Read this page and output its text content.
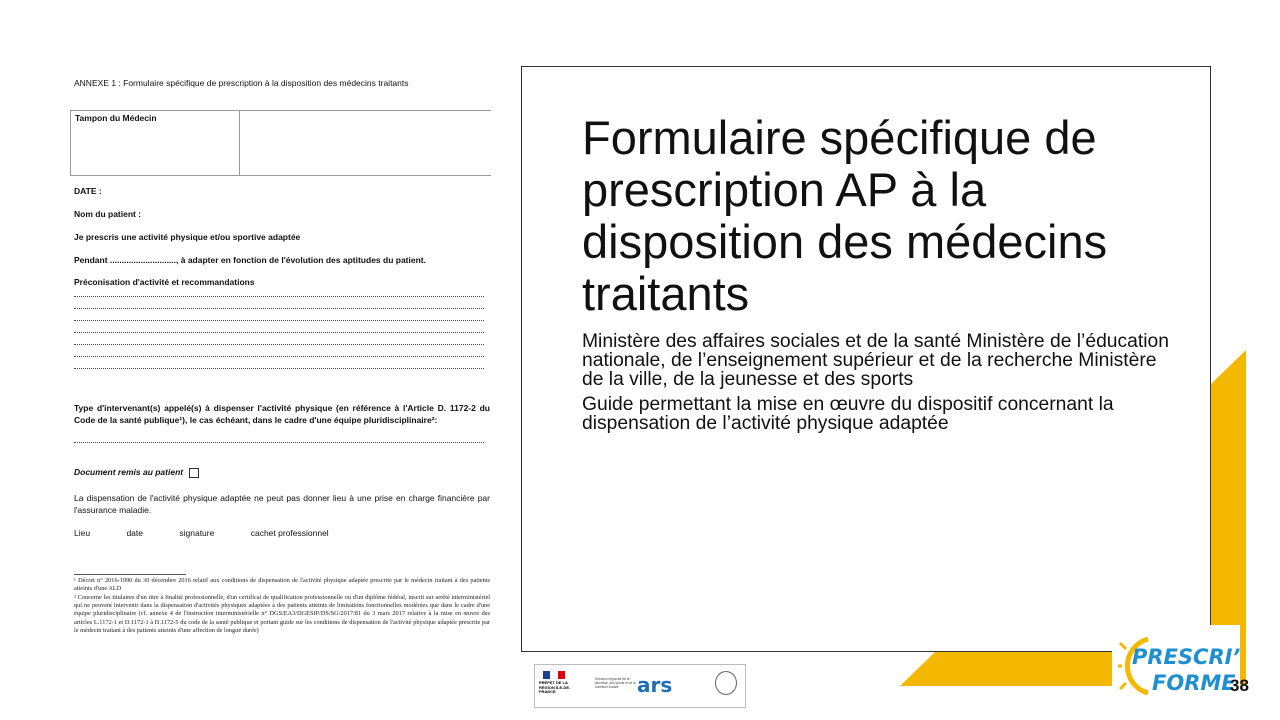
ANNEXE 1 : Formulaire spécifique de prescription à la disposition des médecins traitants
Tampon du Médecin
DATE :
Nom du patient :
Je prescris une activité physique et/ou sportive adaptée
Pendant ............................, à adapter en fonction de l'évolution des aptitudes du patient.
Préconisation d'activité et recommandations
Type d'intervenant(s) appelé(s) à dispenser l'activité physique (en référence à l'Article D. 1172-2 du Code de la santé publique¹), le cas échéant, dans le cadre d'une équipe pluridisciplinaire²:
Document remis au patient
La dispensation de l'activité physique adaptée ne peut pas donner lieu à une prise en charge financière par l'assurance maladie.
Lieu	date	signature	cachet professionnel
¹ Décret n° 2016-1990 du 30 décembre 2016 relatif aux conditions de dispensation de l'activité physique adaptée prescrite par le médecin traitant à des patients atteints d'une ALD
² Concerne les titulaires d'un titre à finalité professionnelle, d'un certificat de qualification professionnelle ou d'un diplôme fédéral, inscrit sur arrêté interministériel qui ne peuvent intervenir dans la dispensation d'activités physiques adaptées à des patients atteints de limitations fonctionnelles modérées que dans le cadre d'une équipe pluridisciplinaire (cf. annexe 4 de l'instruction interministérielle n° DGS/EA3/DGESIP/DS/SG/2017/81 du 3 mars 2017 relative à la mise en œuvre des articles L.1172-1 et D.1172-1 à D.1172-5 du code de la santé publique et portant guide sur les conditions de dispensation de l'activité physique adaptée prescrite par le médecin traitant à des patients atteints d'une affection de longue durée)
Formulaire spécifique de prescription AP à la disposition des médecins traitants

Ministère des affaires sociales et de la santé Ministère de l’éducation nationale, de l’enseignement supérieur et de la recherche Ministère de la ville, de la jeunesse et des sports

Guide permettant la mise en œuvre du dispositif concernant la dispensation de l’activité physique adaptée

PRÉFET DE LA RÉGION ÎLE-DE-FRANCE
Direction régionale de la jeunesse, des sports et de la cohésion sociale ars
PRESCRI’
FORME
38
